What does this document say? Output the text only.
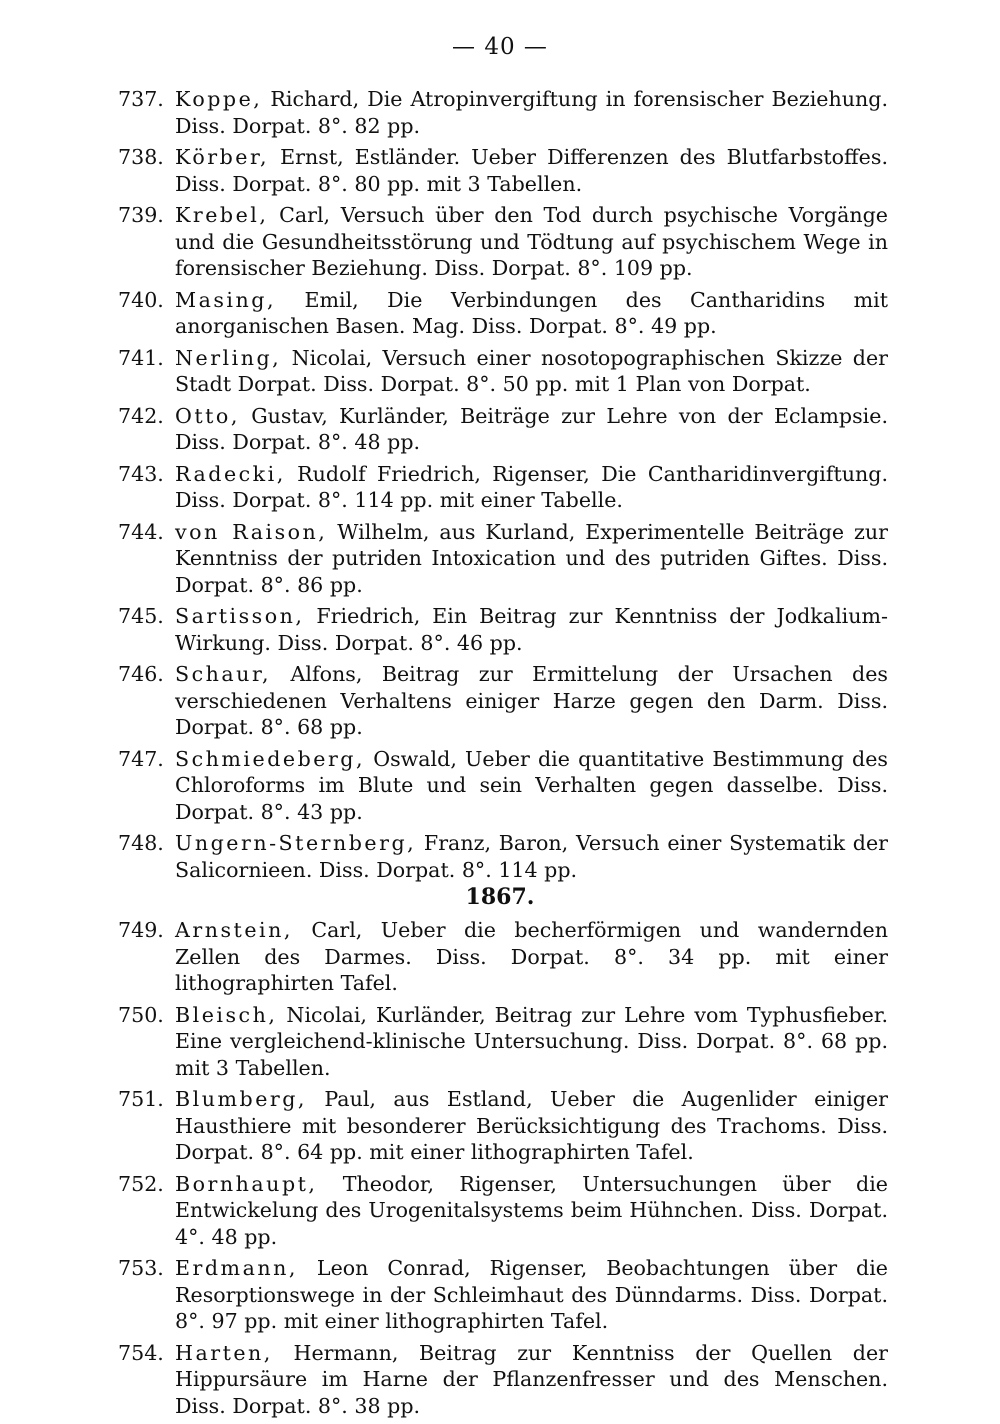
— 40 —
737. Koppe, Richard, Die Atropinvergiftung in forensischer Beziehung. Diss. Dorpat. 8°. 82 pp.
738. Körber, Ernst, Estländer. Ueber Differenzen des Blutfarbstoffes. Diss. Dorpat. 8°. 80 pp. mit 3 Tabellen.
739. Krebel, Carl, Versuch über den Tod durch psychische Vorgänge und die Gesundheitsstörung und Tödtung auf psychischem Wege in forensischer Beziehung. Diss. Dorpat. 8°. 109 pp.
740. Masing, Emil, Die Verbindungen des Cantharidins mit anorganischen Basen. Mag. Diss. Dorpat. 8°. 49 pp.
741. Nerling, Nicolai, Versuch einer nosotopographischen Skizze der Stadt Dorpat. Diss. Dorpat. 8°. 50 pp. mit 1 Plan von Dorpat.
742. Otto, Gustav, Kurländer, Beiträge zur Lehre von der Eclampsie. Diss. Dorpat. 8°. 48 pp.
743. Radecki, Rudolf Friedrich, Rigenser, Die Cantharidinvergiftung. Diss. Dorpat. 8°. 114 pp. mit einer Tabelle.
744. von Raison, Wilhelm, aus Kurland, Experimentelle Beiträge zur Kenntniss der putriden Intoxication und des putriden Giftes. Diss. Dorpat. 8°. 86 pp.
745. Sartisson, Friedrich, Ein Beitrag zur Kenntniss der Jodkalium-Wirkung. Diss. Dorpat. 8°. 46 pp.
746. Schaur, Alfons, Beitrag zur Ermittelung der Ursachen des verschiedenen Verhaltens einiger Harze gegen den Darm. Diss. Dorpat. 8°. 68 pp.
747. Schmiedeberg, Oswald, Ueber die quantitative Bestimmung des Chloroforms im Blute und sein Verhalten gegen dasselbe. Diss. Dorpat. 8°. 43 pp.
748. Ungern-Sternberg, Franz, Baron, Versuch einer Systematik der Salicornieen. Diss. Dorpat. 8°. 114 pp.
1867.
749. Arnstein, Carl, Ueber die becherförmigen und wandernden Zellen des Darmes. Diss. Dorpat. 8°. 34 pp. mit einer lithographirten Tafel.
750. Bleisch, Nicolai, Kurländer, Beitrag zur Lehre vom Typhusfieber. Eine vergleichend-klinische Untersuchung. Diss. Dorpat. 8°. 68 pp. mit 3 Tabellen.
751. Blumberg, Paul, aus Estland, Ueber die Augenlider einiger Hausthiere mit besonderer Berücksichtigung des Trachoms. Diss. Dorpat. 8°. 64 pp. mit einer lithographirten Tafel.
752. Bornhaupt, Theodor, Rigenser, Untersuchungen über die Entwickelung des Urogenitalsystems beim Hühnchen. Diss. Dorpat. 4°. 48 pp.
753. Erdmann, Leon Conrad, Rigenser, Beobachtungen über die Resorptionswege in der Schleimhaut des Dünndarms. Diss. Dorpat. 8°. 97 pp. mit einer lithographirten Tafel.
754. Harten, Hermann, Beitrag zur Kenntniss der Quellen der Hippursäure im Harne der Pflanzenfresser und des Menschen. Diss. Dorpat. 8°. 38 pp.
